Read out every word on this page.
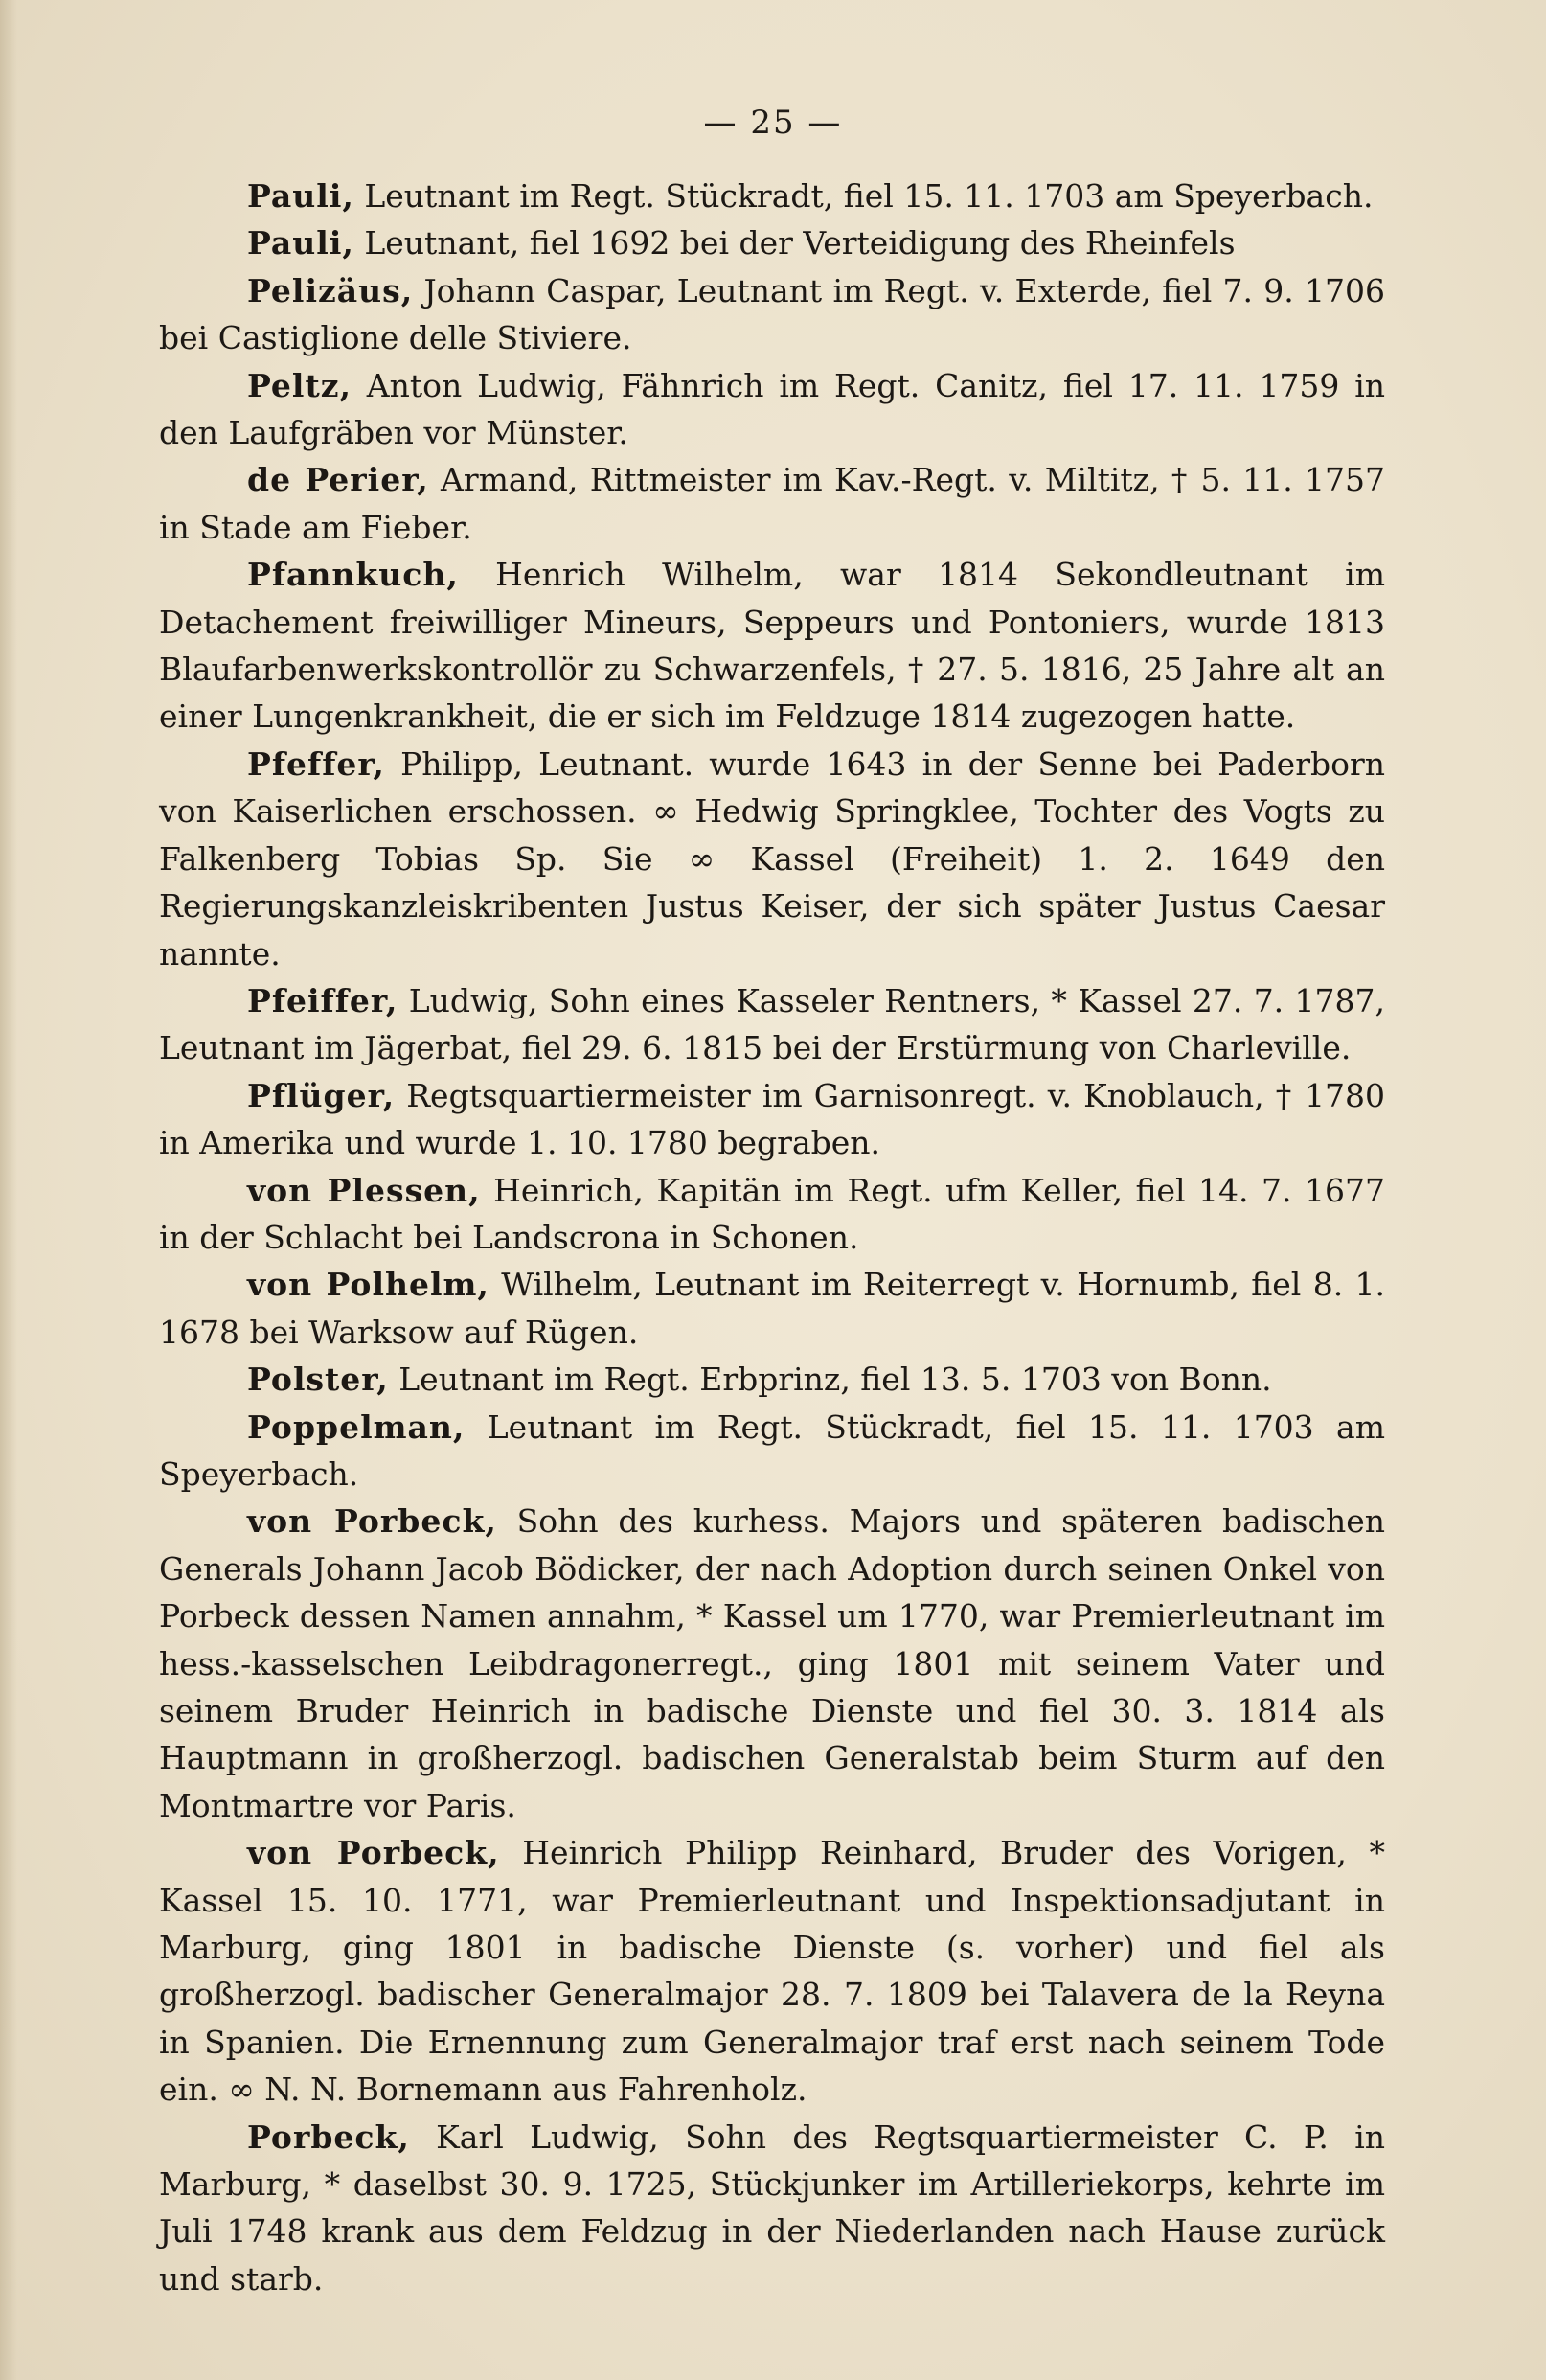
— 25 —

Pauli, Leutnant im Regt. Stückradt, fiel 15. 11. 1703 am Speyerbach.

Pauli, Leutnant, fiel 1692 bei der Verteidigung des Rheinfels

Pelizäus, Johann Caspar, Leutnant im Regt. v. Exterde, fiel 7. 9. 1706 bei Castiglione delle Stiviere.

Peltz, Anton Ludwig, Fähnrich im Regt. Canitz, fiel 17. 11. 1759 in den Laufgräben vor Münster.

de Perier, Armand, Rittmeister im Kav.-Regt. v. Miltitz, † 5. 11. 1757 in Stade am Fieber.

Pfannkuch, Henrich Wilhelm, war 1814 Sekondleutnant im Detachement freiwilliger Mineurs, Seppeurs und Pontoniers, wurde 1813 Blaufarbenwerkskontrollör zu Schwarzenfels, † 27. 5. 1816, 25 Jahre alt an einer Lungenkrankheit, die er sich im Feldzuge 1814 zugezogen hatte.

Pfeffer, Philipp, Leutnant. wurde 1643 in der Senne bei Paderborn von Kaiserlichen erschossen. ∞ Hedwig Springklee, Tochter des Vogts zu Falkenberg Tobias Sp. Sie ∞ Kassel (Freiheit) 1. 2. 1649 den Regierungskanzleiskribenten Justus Keiser, der sich später Justus Caesar nannte.

Pfeiffer, Ludwig, Sohn eines Kasseler Rentners, * Kassel 27. 7. 1787, Leutnant im Jägerbat, fiel 29. 6. 1815 bei der Erstürmung von Charleville.

Pflüger, Regtsquartiermeister im Garnisonregt. v. Knoblauch, † 1780 in Amerika und wurde 1. 10. 1780 begraben.

von Plessen, Heinrich, Kapitän im Regt. ufm Keller, fiel 14. 7. 1677 in der Schlacht bei Landscrona in Schonen.

von Polhelm, Wilhelm, Leutnant im Reiterregt v. Hornumb, fiel 8. 1. 1678 bei Warksow auf Rügen.

Polster, Leutnant im Regt. Erbprinz, fiel 13. 5. 1703 von Bonn.

Poppelman, Leutnant im Regt. Stückradt, fiel 15. 11. 1703 am Speyerbach.

von Porbeck, Sohn des kurhess. Majors und späteren badischen Generals Johann Jacob Bödicker, der nach Adoption durch seinen Onkel von Porbeck dessen Namen annahm, * Kassel um 1770, war Premierleutnant im hess.-kasselschen Leibdragonerregt., ging 1801 mit seinem Vater und seinem Bruder Heinrich in badische Dienste und fiel 30. 3. 1814 als Hauptmann in großherzogl. badischen Generalstab beim Sturm auf den Montmartre vor Paris.

von Porbeck, Heinrich Philipp Reinhard, Bruder des Vorigen, * Kassel 15. 10. 1771, war Premierleutnant und Inspektionsadjutant in Marburg, ging 1801 in badische Dienste (s. vorher) und fiel als großherzogl. badischer Generalmajor 28. 7. 1809 bei Talavera de la Reyna in Spanien. Die Ernennung zum Generalmajor traf erst nach seinem Tode ein. ∞ N. N. Bornemann aus Fahrenholz.

Porbeck, Karl Ludwig, Sohn des Regtsquartiermeister C. P. in Marburg, * daselbst 30. 9. 1725, Stückjunker im Artilleriekorps, kehrte im Juli 1748 krank aus dem Feldzug in der Niederlanden nach Hause zurück und starb.
